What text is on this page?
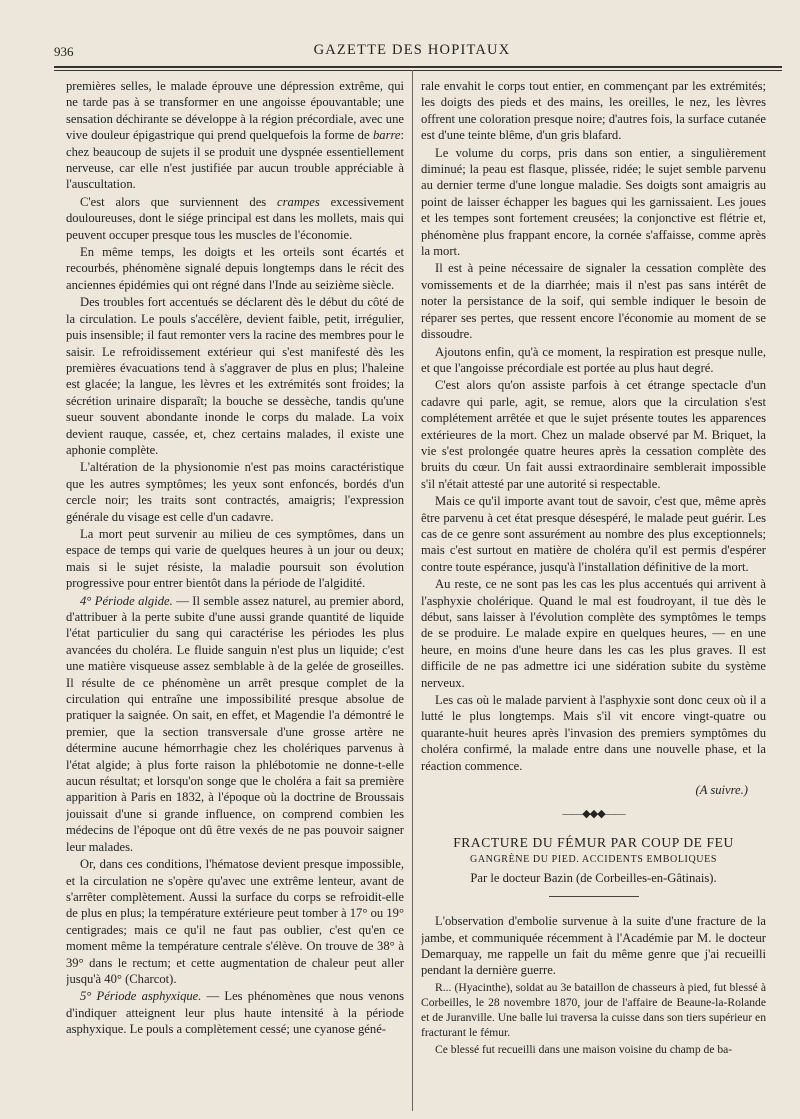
936	GAZETTE DES HOPITAUX

premières selles, le malade éprouve une dépression extrême, qui ne tarde pas à se transformer en une angoisse épouvantable; une sensation déchirante se développe à la région précordiale, avec une vive douleur épigastrique qui prend quelquefois la forme de barre: chez beaucoup de sujets il se produit une dyspnée essentiellement nerveuse, car elle n'est justifiée par aucun trouble appréciable à l'auscultation.

C'est alors que surviennent des crampes excessivement douloureuses, dont le siége principal est dans les mollets, mais qui peuvent occuper presque tous les muscles de l'économie.

En même temps, les doigts et les orteils sont écartés et recourbés, phénomène signalé depuis longtemps dans le récit des anciennes épidémies qui ont régné dans l'Inde au seizième siècle.

Des troubles fort accentués se déclarent dès le début du côté de la circulation. Le pouls s'accélère, devient faible, petit, irrégulier, puis insensible; il faut remonter vers la racine des membres pour le saisir. Le refroidissement extérieur qui s'est manifesté dès les premières évacuations tend à s'aggraver de plus en plus; l'haleine est glacée; la langue, les lèvres et les extrémités sont froides; la sécrétion urinaire disparaît; la bouche se dessèche, tandis qu'une sueur souvent abondante inonde le corps du malade. La voix devient rauque, cassée, et, chez certains malades, il existe une aphonie complète.

L'altération de la physionomie n'est pas moins caractéristique que les autres symptômes; les yeux sont enfoncés, bordés d'un cercle noir; les traits sont contractés, amaigris; l'expression générale du visage est celle d'un cadavre.

La mort peut survenir au milieu de ces symptômes, dans un espace de temps qui varie de quelques heures à un jour ou deux; mais si le sujet résiste, la maladie poursuit son évolution progressive pour entrer bientôt dans la période de l'algidité.

4° Période algide. — Il semble assez naturel, au premier abord, d'attribuer à la perte subite d'une aussi grande quantité de liquide l'état particulier du sang qui caractérise les périodes les plus avancées du choléra. Le fluide sanguin n'est plus un liquide; c'est une matière visqueuse assez semblable à de la gelée de groseilles. Il résulte de ce phénomène un arrêt presque complet de la circulation qui entraîne une impossibilité presque absolue de pratiquer la saignée. On sait, en effet, et Magendie l'a démontré le premier, que la section transversale d'une grosse artère ne détermine aucune hémorrhagie chez les cholériques parvenus à l'état algide; à plus forte raison la phlébotomie ne donne-t-elle aucun résultat; et lorsqu'on songe que le choléra a fait sa première apparition à Paris en 1832, à l'époque où la doctrine de Broussais jouissait d'une si grande influence, on comprend combien les médecins de l'époque ont dû être vexés de ne pas pouvoir saigner leur malades.

Or, dans ces conditions, l'hématose devient presque impossible, et la circulation ne s'opère qu'avec une extrême lenteur, avant de s'arrêter complètement. Aussi la surface du corps se refroidit-elle de plus en plus; la température extérieure peut tomber à 17° ou 19° centigrades; mais ce qu'il ne faut pas oublier, c'est qu'en ce moment même la température centrale s'élève. On trouve de 38° à 39° dans le rectum; et cette augmentation de chaleur peut aller jusqu'à 40° (Charcot).

5° Période asphyxique. — Les phénomènes que nous venons d'indiquer atteignent leur plus haute intensité à la période asphyxique. Le pouls a complètement cessé; une cyanose géné-

rale envahit le corps tout entier, en commençant par les extrémités; les doigts des pieds et des mains, les oreilles, le nez, les lèvres offrent une coloration presque noire; d'autres fois, la surface cutanée est d'une teinte blême, d'un gris blafard.

Le volume du corps, pris dans son entier, a singulièrement diminué; la peau est flasque, plissée, ridée; le sujet semble parvenu au dernier terme d'une longue maladie. Ses doigts sont amaigris au point de laisser échapper les bagues qui les garnissaient. Les joues et les tempes sont fortement creusées; la conjonctive est flétrie et, phénomène plus frappant encore, la cornée s'affaisse, comme après la mort.

Il est à peine nécessaire de signaler la cessation complète des vomissements et de la diarrhée; mais il n'est pas sans intérêt de noter la persistance de la soif, qui semble indiquer le besoin de réparer ses pertes, que ressent encore l'économie au moment de se dissoudre.

Ajoutons enfin, qu'à ce moment, la respiration est presque nulle, et que l'angoisse précordiale est portée au plus haut degré.

C'est alors qu'on assiste parfois à cet étrange spectacle d'un cadavre qui parle, agit, se remue, alors que la circulation s'est complétement arrêtée et que le sujet présente toutes les apparences extérieures de la mort. Chez un malade observé par M. Briquet, la vie s'est prolongée quatre heures après la cessation complète des bruits du cœur. Un fait aussi extraordinaire semblerait impossible s'il n'était attesté par une autorité si respectable.

Mais ce qu'il importe avant tout de savoir, c'est que, même après être parvenu à cet état presque désespéré, le malade peut guérir. Les cas de ce genre sont assurément au nombre des plus exceptionnels; mais c'est surtout en matière de choléra qu'il est permis d'espérer contre toute espérance, jusqu'à l'installation définitive de la mort.

Au reste, ce ne sont pas les cas les plus accentués qui arrivent à l'asphyxie cholérique. Quand le mal est foudroyant, il tue dès le début, sans laisser à l'évolution complète des symptômes le temps de se produire. Le malade expire en quelques heures, — en une heure, en moins d'une heure dans les cas les plus graves. Il est difficile de ne pas admettre ici une sidération subite du système nerveux.

Les cas où le malade parvient à l'asphyxie sont donc ceux où il a lutté le plus longtemps. Mais s'il vit encore vingt-quatre ou quarante-huit heures après l'invasion des premiers symptômes du choléra confirmé, la malade entre dans une nouvelle phase, et la réaction commence.

(A suivre.)

——◆◆◆——

FRACTURE DU FÉMUR PAR COUP DE FEU

GANGRÈNE DU PIED. ACCIDENTS EMBOLIQUES

Par le docteur Bazin (de Corbeilles-en-Gâtinais).

L'observation d'embolie survenue à la suite d'une fracture de la jambe, et communiquée récemment à l'Académie par M. le docteur Demarquay, me rappelle un fait du même genre que j'ai recueilli pendant la dernière guerre.

R... (Hyacinthe), soldat au 3e bataillon de chasseurs à pied, fut blessé à Corbeilles, le 28 novembre 1870, jour de l'affaire de Beaune-la-Rolande et de Juranville. Une balle lui traversa la cuisse dans son tiers supérieur en fracturant le fémur.

Ce blessé fut recueilli dans une maison voisine du champ de ba-
